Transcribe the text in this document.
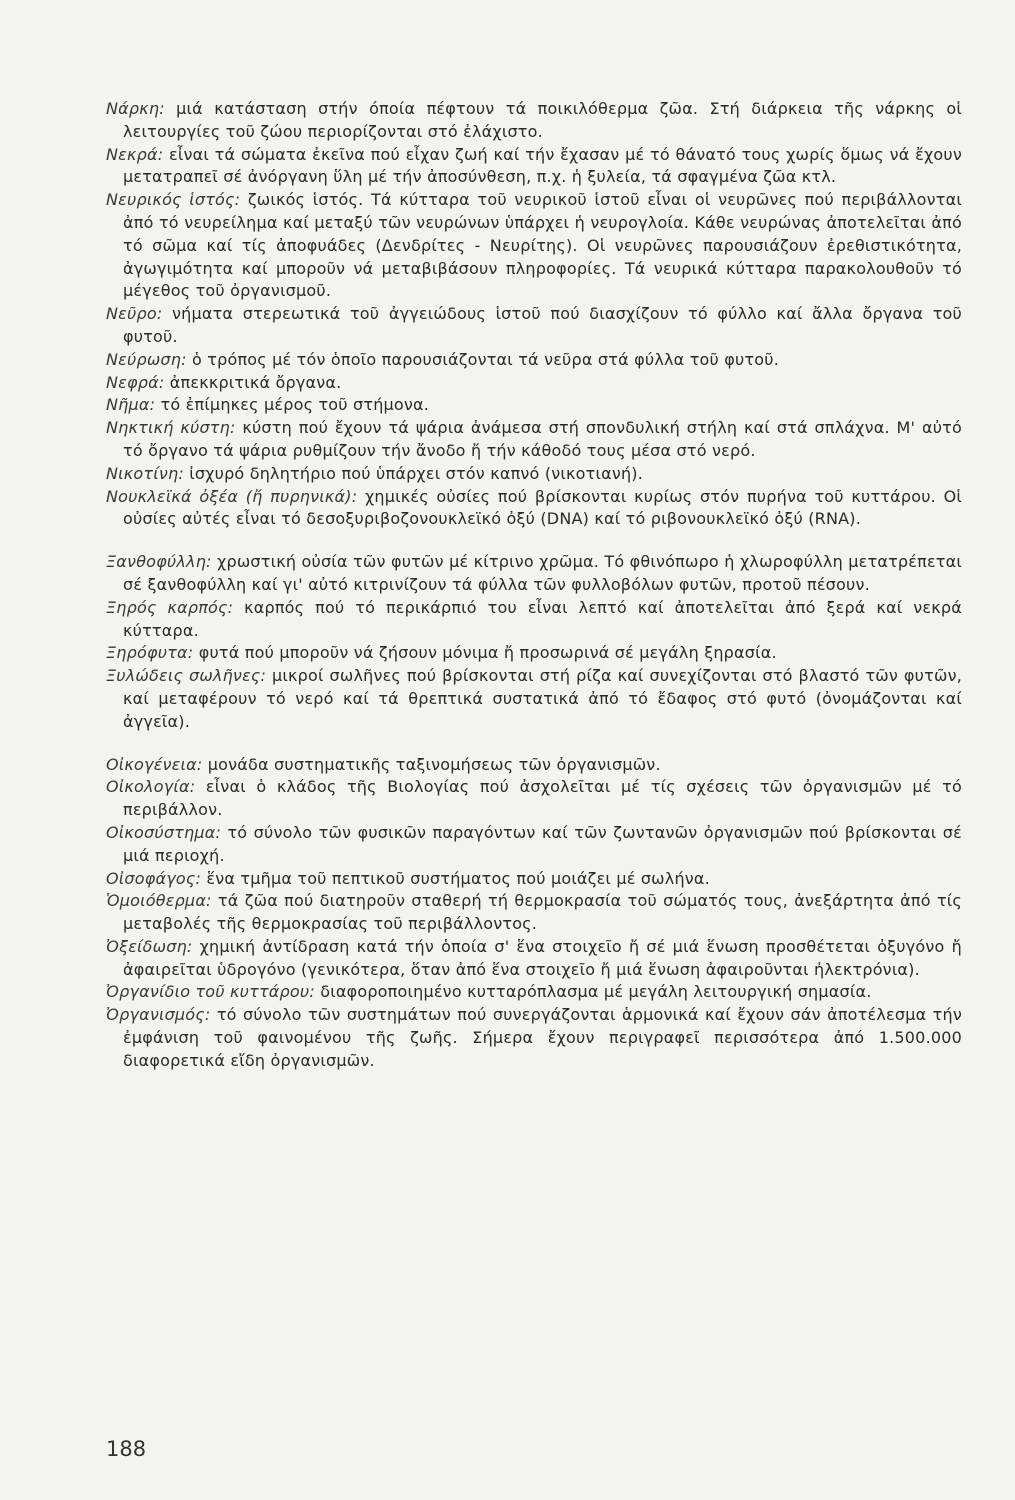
Νάρκη: μιά κατάσταση στήν όποία πέφτουν τά ποικιλόθερμα ζῶα. Στή διάρκεια τῆς νάρκης οἱ λειτουργίες τοῦ ζώου περιορίζονται στό ἐλάχιστο.
Νεκρά: εἶναι τά σώματα ἐκεῖνα πού εἶχαν ζωή καί τήν ἔχασαν μέ τό θάνατό τους χωρίς ὅμως νά ἔχουν μετατραπεῖ σέ ἀνόργανη ὕλη μέ τήν ἀποσύνθεση, π.χ. ἡ ξυλεία, τά σφαγμένα ζῶα κτλ.
Νευρικός ἱστός: ζωικός ἱστός. Τά κύτταρα τοῦ νευρικοῦ ἱστοῦ εἶναι οἱ νευρῶνες πού περιβάλλονται ἀπό τό νευρείλημα καί μεταξύ τῶν νευρώνων ὑπάρχει ἡ νευρογλοία. Κάθε νευρώνας ἀποτελεῖται ἀπό τό σῶμα καί τίς ἀποφυάδες (Δενδρίτες - Νευρίτης). Οἱ νευρῶνες παρουσιάζουν ἐρεθιστικότητα, ἀγωγιμότητα καί μποροῦν νά μεταβιβάσουν πληροφορίες. Τά νευρικά κύτταρα παρακολουθοῦν τό μέγεθος τοῦ ὀργανισμοῦ.
Νεῦρο: νήματα στερεωτικά τοῦ ἀγγειώδους ἱστοῦ πού διασχίζουν τό φύλλο καί ἄλλα ὄργανα τοῦ φυτοῦ.
Νεύρωση: ὁ τρόπος μέ τόν ὁποῖο παρουσιάζονται τά νεῦρα στά φύλλα τοῦ φυτοῦ.
Νεφρά: ἀπεκκριτικά ὄργανα.
Νῆμα: τό ἐπίμηκες μέρος τοῦ στήμονα.
Νηκτική κύστη: κύστη πού ἔχουν τά ψάρια ἀνάμεσα στή σπονδυλική στήλη καί στά σπλάχνα. Μ' αὐτό τό ὄργανο τά ψάρια ρυθμίζουν τήν ἄνοδο ἤ τήν κάθοδό τους μέσα στό νερό.
Νικοτίνη: ἰσχυρό δηλητήριο πού ὑπάρχει στόν καπνό (νικοτιανή).
Νουκλεϊκά ὀξέα (ἤ πυρηνικά): χημικές οὐσίες πού βρίσκονται κυρίως στόν πυρήνα τοῦ κυττάρου. Οἱ οὐσίες αὐτές εἶναι τό δεσοξυριβοζονουκλεϊκό ὀξύ (DNA) καί τό ριβονουκλεϊκό ὀξύ (RNA).
Ξανθοφύλλη: χρωστική οὐσία τῶν φυτῶν μέ κίτρινο χρῶμα. Τό φθινόπωρο ἡ χλωροφύλλη μετατρέπεται σέ ξανθοφύλλη καί γι' αὐτό κιτρινίζουν τά φύλλα τῶν φυλλοβόλων φυτῶν, προτοῦ πέσουν.
Ξηρός καρπός: καρπός πού τό περικάρπιό του εἶναι λεπτό καί ἀποτελεῖται ἀπό ξερά καί νεκρά κύτταρα.
Ξηρόφυτα: φυτά πού μποροῦν νά ζήσουν μόνιμα ἤ προσωρινά σέ μεγάλη ξηρασία.
Ξυλώδεις σωλῆνες: μικροί σωλῆνες πού βρίσκονται στή ρίζα καί συνεχίζονται στό βλαστό τῶν φυτῶν, καί μεταφέρουν τό νερό καί τά θρεπτικά συστατικά ἀπό τό ἔδαφος στό φυτό (ὀνομάζονται καί ἀγγεῖα).
Οἰκογένεια: μονάδα συστηματικῆς ταξινομήσεως τῶν ὀργανισμῶν.
Οἰκολογία: εἶναι ὁ κλάδος τῆς Βιολογίας πού ἀσχολεῖται μέ τίς σχέσεις τῶν ὀργανισμῶν μέ τό περιβάλλον.
Οἰκοσύστημα: τό σύνολο τῶν φυσικῶν παραγόντων καί τῶν ζωντανῶν ὀργανισμῶν πού βρίσκονται σέ μιά περιοχή.
Οἰσοφάγος: ἕνα τμῆμα τοῦ πεπτικοῦ συστήματος πού μοιάζει μέ σωλήνα.
Ὁμοιόθερμα: τά ζῶα πού διατηροῦν σταθερή τή θερμοκρασία τοῦ σώματός τους, ἀνεξάρτητα ἀπό τίς μεταβολές τῆς θερμοκρασίας τοῦ περιβάλλοντος.
Ὀξείδωση: χημική ἀντίδραση κατά τήν ὁποία σ' ἕνα στοιχεῖο ἤ σέ μιά ἕνωση προσθέτεται ὀξυγόνο ἤ ἀφαιρεῖται ὑδρογόνο (γενικότερα, ὅταν ἀπό ἕνα στοιχεῖο ἤ μιά ἕνωση ἀφαιροῦνται ἠλεκτρόνια).
Ὀργανίδιο τοῦ κυττάρου: διαφοροποιημένο κυτταρόπλασμα μέ μεγάλη λειτουργική σημασία.
Ὀργανισμός: τό σύνολο τῶν συστημάτων πού συνεργάζονται ἁρμονικά καί ἔχουν σάν ἀποτέλεσμα τήν ἐμφάνιση τοῦ φαινομένου τῆς ζωῆς. Σήμερα ἔχουν περιγραφεῖ περισσότερα ἀπό 1.500.000 διαφορετικά εἴδη ὀργανισμῶν.
188
